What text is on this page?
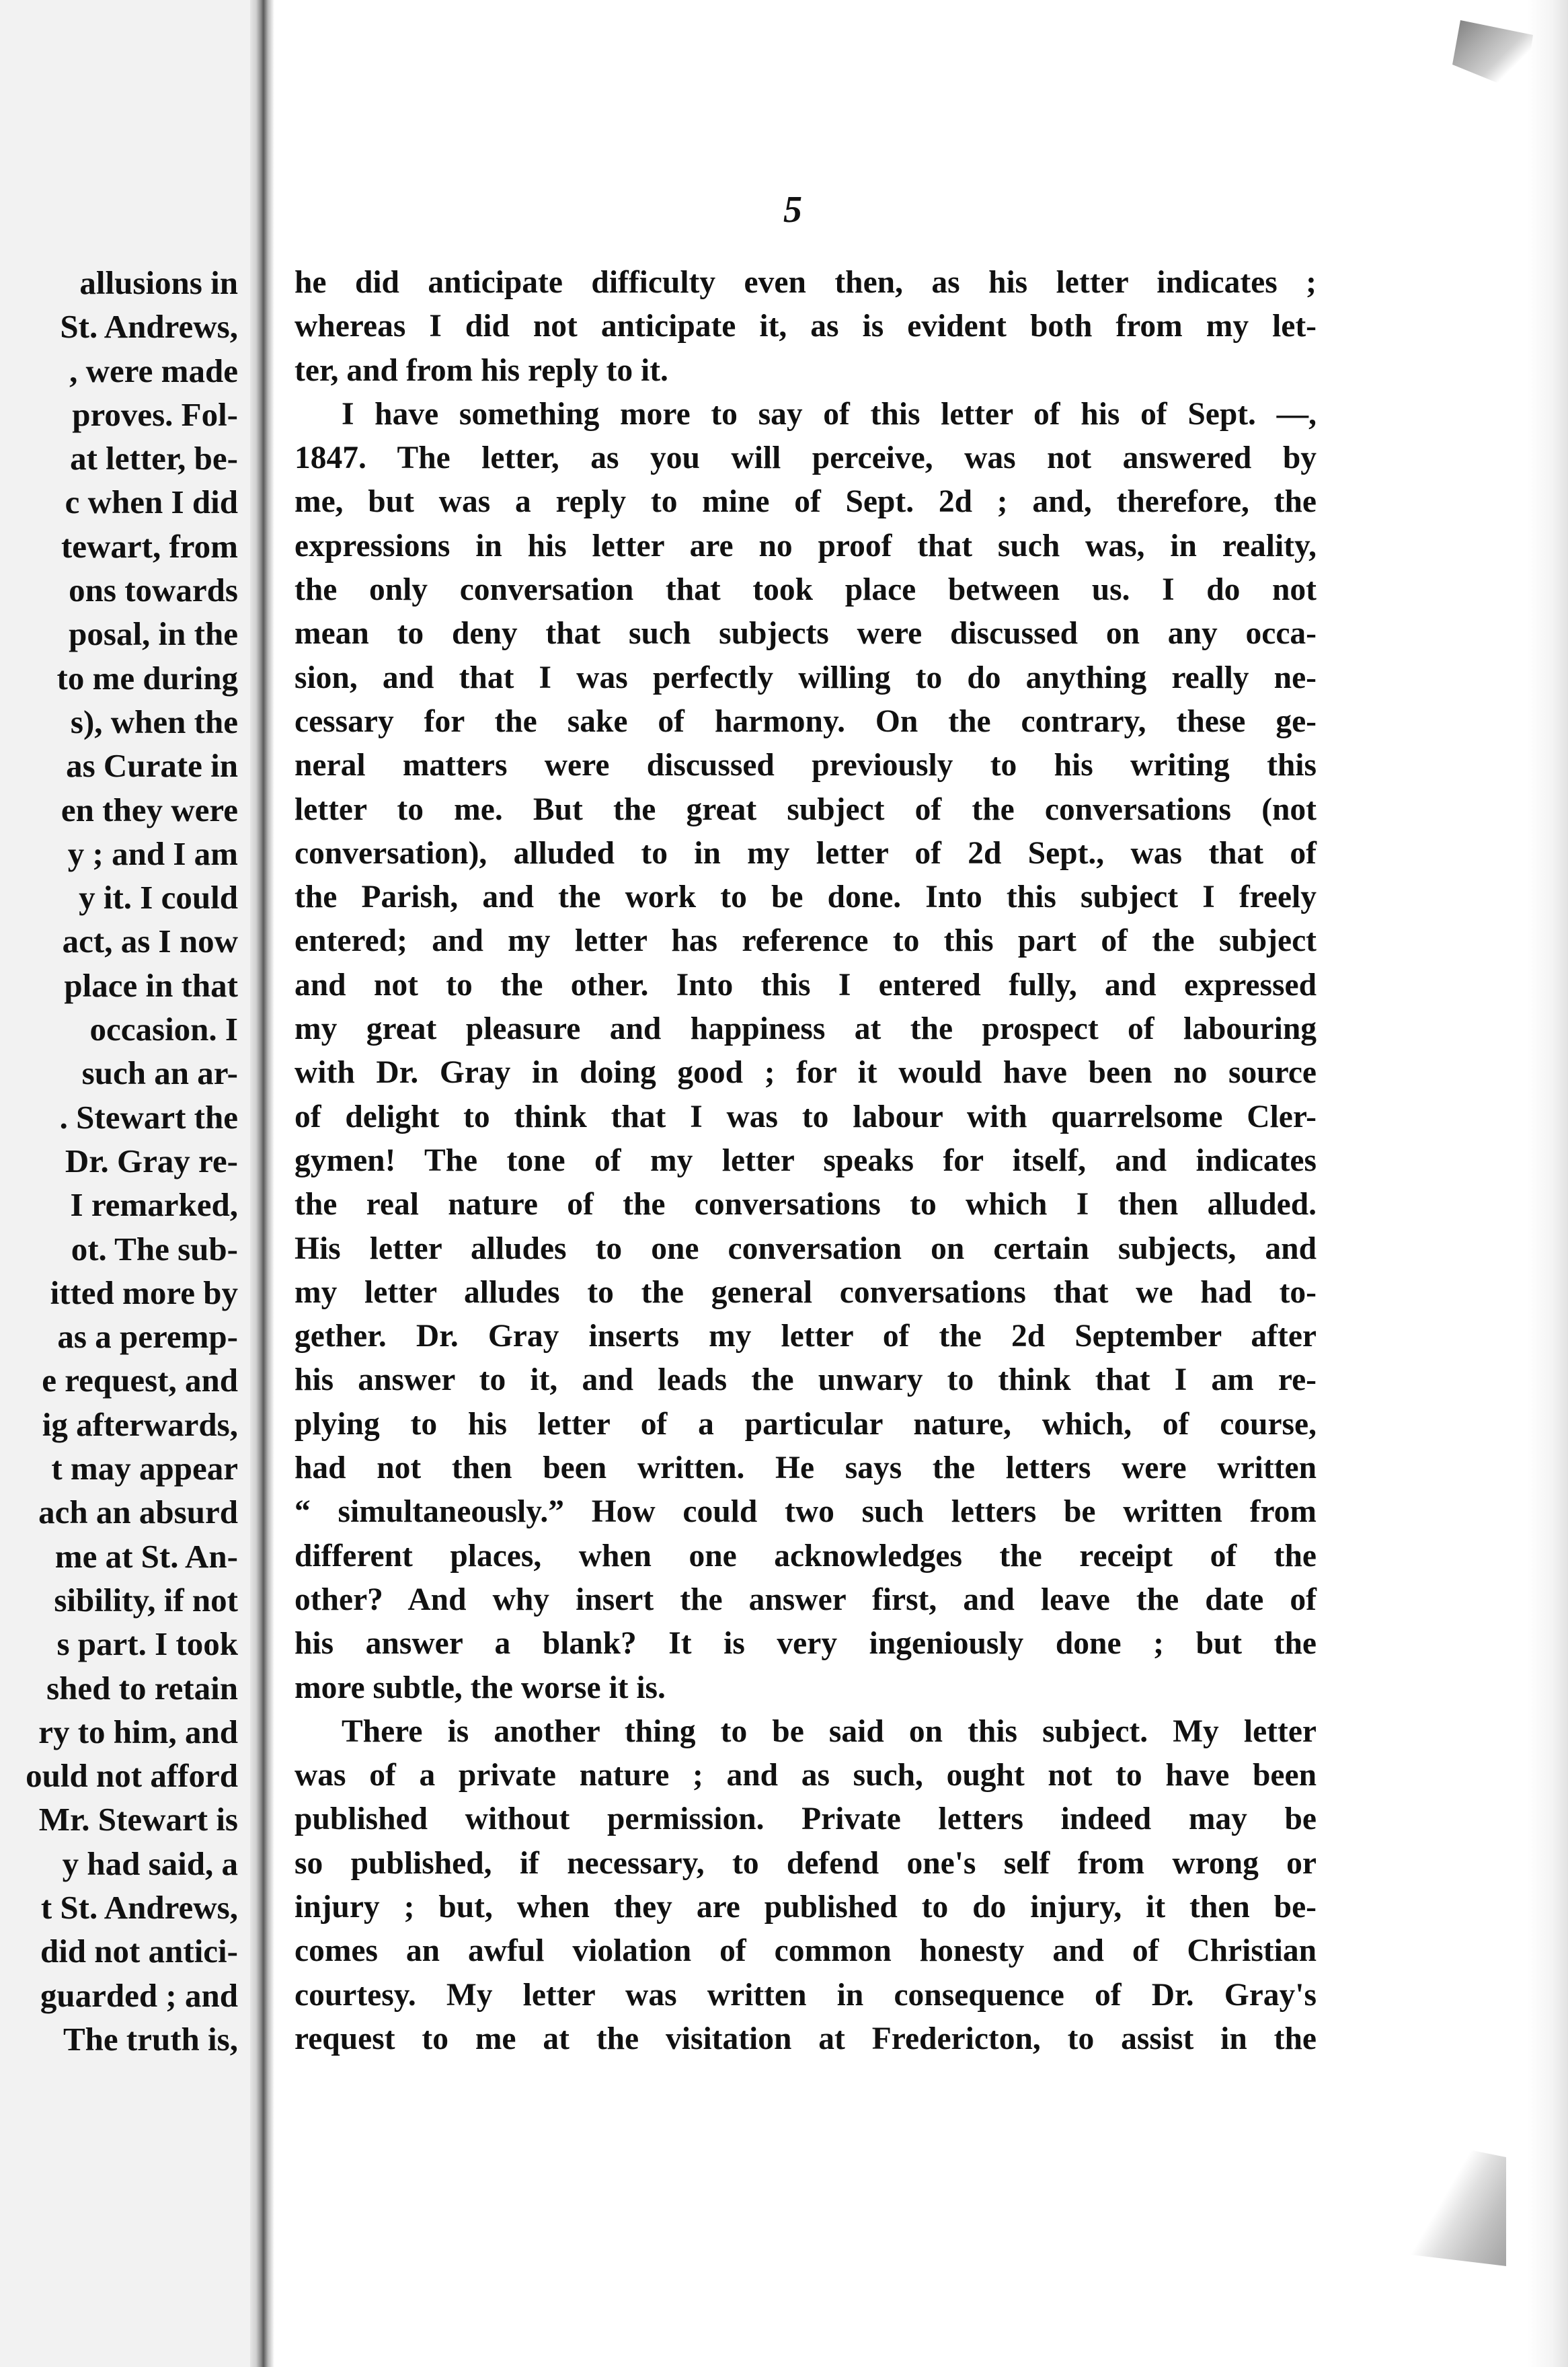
allusions in
St. Andrews,
, were made
proves. Fol-
at letter, be-
c when I did
tewart, from
ons towards
posal, in the
to me during
s), when the
as Curate in
en they were
y ; and I am
y it. I could
act, as I now
place in that
occasion. I
such an ar-
. Stewart the
Dr. Gray re-
I remarked,
ot. The sub-
itted more by
as a peremp-
e request, and
ig afterwards,
t may appear
ach an absurd
me at St. An-
sibility, if not
s part. I took
shed to retain
ry to him, and
ould not afford
Mr. Stewart is
y had said, a
t St. Andrews,
did not antici-
guarded ; and
The truth is,
5
he did anticipate difficulty even then, as his letter indicates ;
whereas I did not anticipate it, as is evident both from my let-
ter, and from his reply to it.
I have something more to say of this letter of his of Sept. —,
1847. The letter, as you will perceive, was not answered by
me, but was a reply to mine of Sept. 2d ; and, therefore, the
expressions in his letter are no proof that such was, in reality,
the only conversation that took place between us. I do not
mean to deny that such subjects were discussed on any occa-
sion, and that I was perfectly willing to do anything really ne-
cessary for the sake of harmony. On the contrary, these ge-
neral matters were discussed previously to his writing this
letter to me. But the great subject of the conversations (not
conversation), alluded to in my letter of 2d Sept., was that of
the Parish, and the work to be done. Into this subject I freely
entered; and my letter has reference to this part of the subject
and not to the other. Into this I entered fully, and expressed
my great pleasure and happiness at the prospect of labouring
with Dr. Gray in doing good ; for it would have been no source
of delight to think that I was to labour with quarrelsome Cler-
gymen! The tone of my letter speaks for itself, and indicates
the real nature of the conversations to which I then alluded.
His letter alludes to one conversation on certain subjects, and
my letter alludes to the general conversations that we had to-
gether. Dr. Gray inserts my letter of the 2d September after
his answer to it, and leads the unwary to think that I am re-
plying to his letter of a particular nature, which, of course,
had not then been written. He says the letters were written
“ simultaneously.” How could two such letters be written from
different places, when one acknowledges the receipt of the
other? And why insert the answer first, and leave the date of
his answer a blank? It is very ingeniously done ; but the
more subtle, the worse it is.
There is another thing to be said on this subject. My letter
was of a private nature ; and as such, ought not to have been
published without permission. Private letters indeed may be
so published, if necessary, to defend one's self from wrong or
injury ; but, when they are published to do injury, it then be-
comes an awful violation of common honesty and of Christian
courtesy. My letter was written in consequence of Dr. Gray's
request to me at the visitation at Fredericton, to assist in the
